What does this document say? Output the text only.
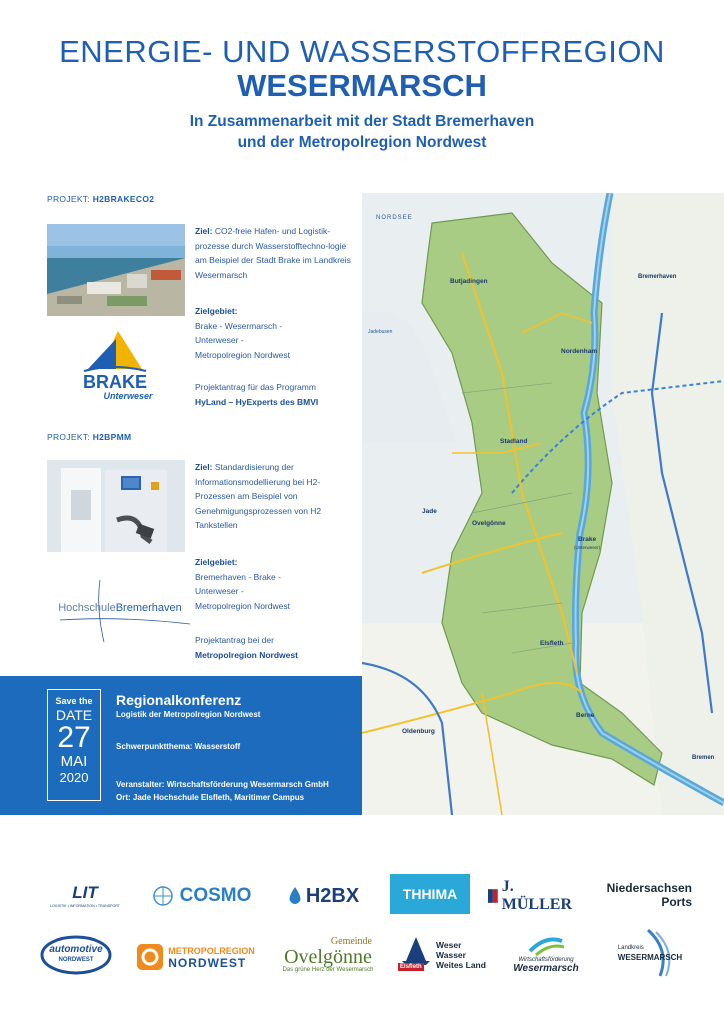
ENERGIE- UND WASSERSTOFFREGION
WESERMARSCH
In Zusammenarbeit mit der Stadt Bremerhaven
und der Metropolregion Nordwest
PROJEKT: H2BRAKECO2
Ziel: CO2-freie Hafen- und Logistik-prozesse durch Wasserstofftechno-logie am Beispiel der Stadt Brake im Landkreis Wesermarsch
Zielgebiet:
Brake - Wesermarsch -
Unterweser -
Metropolregion Nordwest
Projektantrag für das Programm
HyLand – HyExperts des BMVI
BRAKE
Unterweser
PROJEKT: H2BPMM
Ziel: Standardisierung der Informationsmodellierung bei H2-Prozessen am Beispiel von Genehmigungsprozessen von H2 Tankstellen
Zielgebiet:
Bremerhaven - Brake -
Unterweser -
Metropolregion Nordwest
Projektantrag bei der
Metropolregion Nordwest
Hochschule Bremerhaven
NORDSEE
Jadebusen
Butjadingen
Nordenham
Stadland
Jade
Ovelgönne
Elsfleth
Brake
(Unterweser)
Berne
Bremerhaven
Oldenburg
Bremen
Save the
DATE
27
MAI
2020
Regionalkonferenz
Logistik der Metropolregion Nordwest
Schwerpunktthema: Wasserstoff
Veranstalter: Wirtschaftsförderung Wesermarsch GmbH
Ort: Jade Hochschule Elsfleth, Maritimer Campus
LIT
LOGISTIK • INFORMATION • TRANSPORT	COSMO	H2BX	THHIMA	J. MÜLLER
Niedersachsen
Ports
automotive
NORDWEST
METROPOLREGION
NORDWEST
Gemeinde
Ovelgönne
Das grüne Herz der Wesermarsch	Elsfleth
Weser
Wasser
Weites Land
Wirtschaftsförderung
Wesermarsch
Landkreis
WESERMARSCH
